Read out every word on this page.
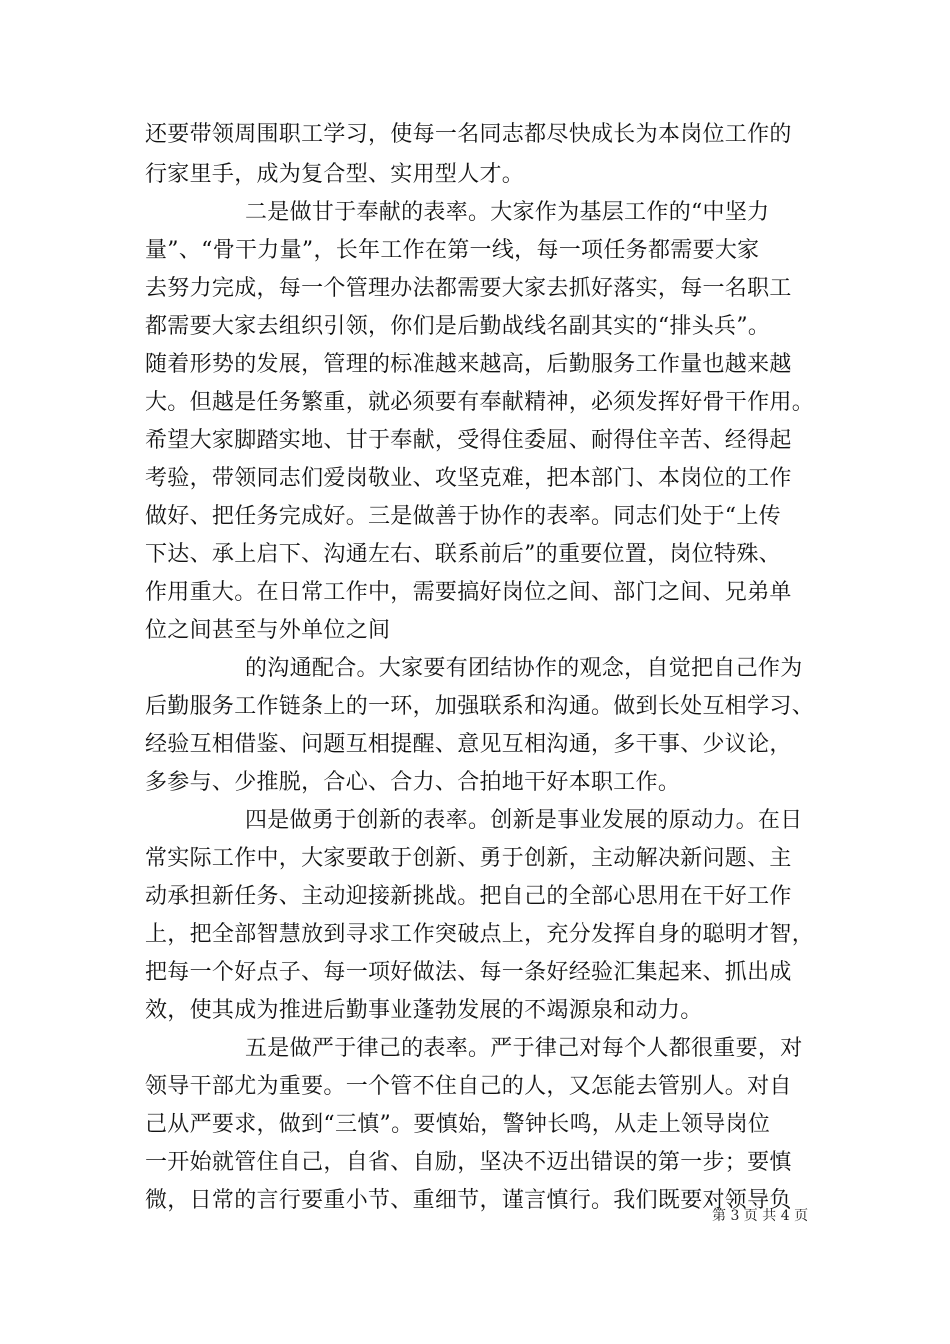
还要带领周围职工学习，使每一名同志都尽快成长为本岗位工作的
行家里手，成为复合型、实用型人才。
二是做甘于奉献的表率。大家作为基层工作的“中坚力
量”、“骨干力量”，长年工作在第一线，每一项任务都需要大家
去努力完成，每一个管理办法都需要大家去抓好落实，每一名职工
都需要大家去组织引领，你们是后勤战线名副其实的“排头兵”。
随着形势的发展，管理的标准越来越高，后勤服务工作量也越来越
大。但越是任务繁重，就必须要有奉献精神，必须发挥好骨干作用。
希望大家脚踏实地、甘于奉献，受得住委屈、耐得住辛苦、经得起
考验，带领同志们爱岗敬业、攻坚克难，把本部门、本岗位的工作
做好、把任务完成好。三是做善于协作的表率。同志们处于“上传
下达、承上启下、沟通左右、联系前后”的重要位置，岗位特殊、
作用重大。在日常工作中，需要搞好岗位之间、部门之间、兄弟单
位之间甚至与外单位之间
的沟通配合。大家要有团结协作的观念，自觉把自己作为
后勤服务工作链条上的一环，加强联系和沟通。做到长处互相学习、
经验互相借鉴、问题互相提醒、意见互相沟通，多干事、少议论，
多参与、少推脱，合心、合力、合拍地干好本职工作。
四是做勇于创新的表率。创新是事业发展的原动力。在日
常实际工作中，大家要敢于创新、勇于创新，主动解决新问题、主
动承担新任务、主动迎接新挑战。把自己的全部心思用在干好工作
上，把全部智慧放到寻求工作突破点上，充分发挥自身的聪明才智，
把每一个好点子、每一项好做法、每一条好经验汇集起来、抓出成
效，使其成为推进后勤事业蓬勃发展的不竭源泉和动力。
五是做严于律己的表率。严于律己对每个人都很重要，对
领导干部尤为重要。一个管不住自己的人，又怎能去管别人。对自
己从严要求，做到“三慎”。要慎始，警钟长鸣，从走上领导岗位
一开始就管住自己，自省、自励，坚决不迈出错误的第一步；要慎
微，日常的言行要重小节、重细节，谨言慎行。我们既要对领导负
第 3 页 共 4 页
